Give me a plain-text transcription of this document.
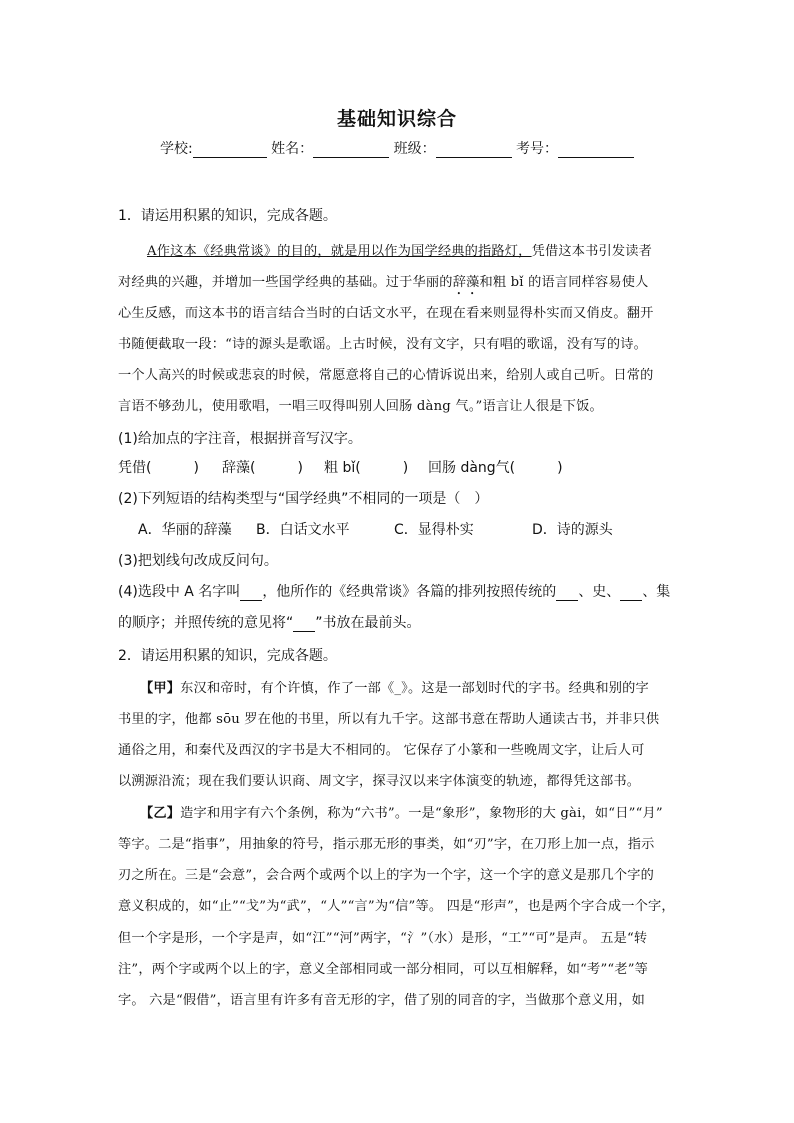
基础知识综合
学校:	姓名：	班级：	考号：
1．请运用积累的知识，完成各题。
A作这本《经典常谈》的目的，就是用以作为国学经典的指路灯，凭借这本书引发读者
对经典的兴趣，并增加一些国学经典的基础。过于华丽的辞藻和粗 bǐ 的语言同样容易使人
心生反感，而这本书的语言结合当时的白话文水平，在现在看来则显得朴实而又俏皮。翻开
书随便截取一段：“诗的源头是歌谣。上古时候，没有文字，只有唱的歌谣，没有写的诗。
一个人高兴的时候或悲哀的时候，常愿意将自己的心情诉说出来，给别人或自己听。日常的
言语不够劲儿，使用歌唱，一唱三叹得叫别人回肠 dàng 气。”语言让人很是下饭。
(1)给加点的字注音，根据拼音写汉字。
凭借(　　　) 辞藻(　　　) 粗 bǐ(　　　) 回肠 dàng气(　　　)
(2)下列短语的结构类型与“国学经典”不相同的一项是（　）
A．华丽的辞藻 B．白话文水平	C．显得朴实	D．诗的源头
(3)把划线句改成反问句。
(4)选段中 A 名字叫 ，他所作的《经典常谈》各篇的排列按照传统的 、史、 、集
的顺序；并照传统的意见将“ ”书放在最前头。
2．请运用积累的知识，完成各题。
【甲】东汉和帝时，有个许慎，作了一部《_》。这是一部划时代的字书。经典和别的字
书里的字，他都 sōu 罗在他的书里，所以有九千字。这部书意在帮助人通读古书，并非只供
通俗之用，和秦代及西汉的字书是大不相同的。 它保存了小篆和一些晚周文字，让后人可
以溯源沿流；现在我们要认识商、周文字，探寻汉以来字体演变的轨迹，都得凭这部书。
【乙】造字和用字有六个条例，称为“六书”。一是“象形”，象物形的大 gài，如“日”“月”
等字。二是“指事”，用抽象的符号，指示那无形的事类，如“刃”字，在刀形上加一点，指示
刃之所在。三是“会意”，会合两个或两个以上的字为一个字，这一个字的意义是那几个字的
意义积成的，如“止”“戈”为“武”，“人”“言”为“信”等。 四是“形声”，也是两个字合成一个字，
但一个字是形，一个字是声，如“江”“河”两字，“氵”（水）是形，“工”“可”是声。 五是“转
注”，两个字或两个以上的字，意义全部相同或一部分相同，可以互相解释，如“考”“老”等
字。 六是“假借”，语言里有许多有音无形的字，借了别的同音的字，当做那个意义用，如
